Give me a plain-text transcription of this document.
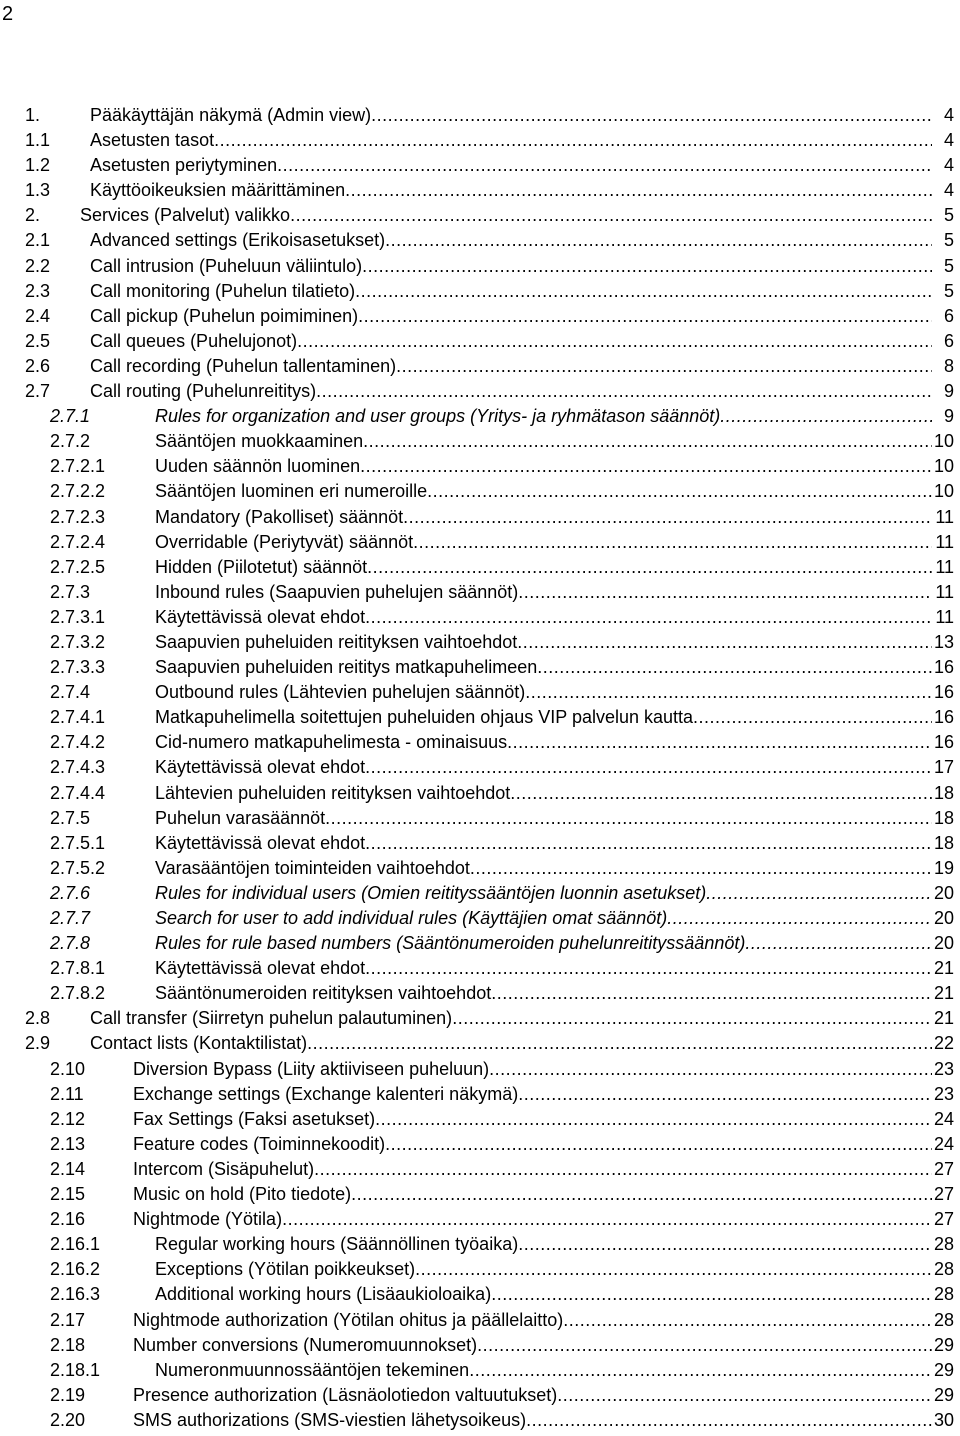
2
1.	Pääkäyttäjän näkymä (Admin view) .....	4
1.1 Asetusten tasot .....	4
1.2 Asetusten periytyminen .....	4
1.3 Käyttöoikeuksien määrittäminen .....	4
2. Services (Palvelut) valikko .....	5
2.1 Advanced settings (Erikoisasetukset) .....	5
2.2 Call intrusion (Puheluun väliintulo) .....	5
2.3 Call monitoring (Puhelun tilatieto) .....	5
2.4 Call pickup (Puhelun poimiminen) .....	6
2.5 Call queues (Puhelujonot) .....	6
2.6 Call recording (Puhelun tallentaminen) .....	8
2.7 Call routing (Puhelunreititys) .....	9
2.7.1	Rules for organization and user groups (Yritys- ja ryhmätason säännöt) .....	9
2.7.2	Sääntöjen muokkaaminen .....	10
2.7.2.1	Uuden säännön luominen .....	10
2.7.2.2	Sääntöjen luominen eri numeroille .....	10
2.7.2.3	Mandatory (Pakolliset) säännöt .....	11
2.7.2.4	Overridable (Periytyvät) säännöt .....	11
2.7.2.5	Hidden (Piilotetut) säännöt .....	11
2.7.3	Inbound rules (Saapuvien puhelujen säännöt) .....	11
2.7.3.1	Käytettävissä olevat ehdot .....	11
2.7.3.2	Saapuvien puheluiden reitityksen vaihtoehdot .....	13
2.7.3.3	Saapuvien puheluiden reititys matkapuhelimeen .....	16
2.7.4	Outbound rules (Lähtevien puhelujen säännöt) .....	16
2.7.4.1	Matkapuhelimella soitettujen puheluiden ohjaus VIP palvelun kautta .....	16
2.7.4.2	Cid-numero matkapuhelimesta - ominaisuus .....	16
2.7.4.3	Käytettävissä olevat ehdot .....	17
2.7.4.4	Lähtevien puheluiden reitityksen vaihtoehdot .....	18
2.7.5	Puhelun varasäännöt .....	18
2.7.5.1	Käytettävissä olevat ehdot .....	18
2.7.5.2	Varasääntöjen toiminteiden vaihtoehdot .....	19
2.7.6	Rules for individual users (Omien reitityssääntöjen luonnin asetukset) .....	20
2.7.7	Search for user to add individual rules (Käyttäjien omat säännöt) .....	20
2.7.8	Rules for rule based numbers (Sääntönumeroiden puhelunreitityssäännöt) .....	20
2.7.8.1	Käytettävissä olevat ehdot .....	21
2.7.8.2	Sääntönumeroiden reitityksen vaihtoehdot .....	21
2.8 Call transfer (Siirretyn puhelun palautuminen) .....	21
2.9 Contact lists (Kontaktilistat) .....	22
2.10	Diversion Bypass (Liity aktiiviseen puheluun) .....	23
2.11	Exchange settings (Exchange kalenteri näkymä) .....	23
2.12	Fax Settings (Faksi asetukset) .....	24
2.13	Feature codes (Toiminnekoodit) .....	24
2.14	Intercom (Sisäpuhelut) .....	27
2.15	Music on hold (Pito tiedote) .....	27
2.16	Nightmode (Yötila) .....	27
2.16.1	Regular working hours (Säännöllinen työaika) .....	28
2.16.2	Exceptions (Yötilan poikkeukset) .....	28
2.16.3	Additional working hours (Lisäaukioloaika) .....	28
2.17	Nightmode authorization (Yötilan ohitus ja päällelaitto) .....	28
2.18	Number conversions (Numeromuunnokset) .....	29
2.18.1	Numeronmuunnossääntöjen tekeminen .....	29
2.19	Presence authorization (Läsnäolotiedon valtuutukset) .....	29
2.20	SMS authorizations (SMS-viestien lähetysoikeus) .....	30
